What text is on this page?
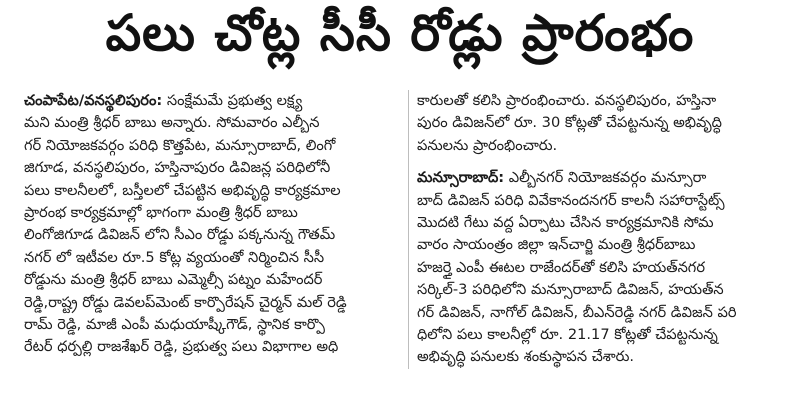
పలు చోట్ల సీసీ రోడ్లు ప్రారంభం
చంపాపేట/వనస్థలిపురం: సంక్షేమమే ప్రభుత్వ లక్ష్య
మని మంత్రి శ్రీధర్ బాబు అన్నారు. సోమవారం ఎల్బీన
గర్ నియోజకవర్గం పరిధి కొత్తపేట, మన్సూరాబాద్, లింగో
జిగూడ, వనస్థలిపురం, హస్తినాపురం డివిజన్ల పరిధిలోనీ
పలు కాలనీలలో, బస్తీలలో చేపట్టిన అభివృద్ధి కార్యక్రమాల
ప్రారంభ కార్యక్రమాల్లో భాగంగా మంత్రి శ్రీధర్ బాబు
లింగోజిగూడ డివిజన్ లోని సీఎం రోడ్డు పక్కనున్న గౌతమ్
నగర్ లో ఇటీవల రూ.5 కోట్ల వ్యయంతో నిర్మించిన సీసీ
రోడ్డును మంత్రి శ్రీధర్ బాబు ఎమ్మెల్సీ పట్నం మహేందర్
రెడ్డి,రాష్ట్ర రోడ్డు డెవలప్‌మెంట్ కార్పొరేషన్ చైర్మన్ మల్ రెడ్డి
రామ్ రెడ్డి, మాజీ ఎంపీ మధుయాష్కీగౌడ్, స్థానిక కార్పొ
రేటర్ ధర్పల్లి రాజశేఖర్ రెడ్డి, ప్రభుత్వ పలు విభాగాల అధి
కారులతో కలిసి ప్రారంభించారు. వనస్థలిపురం, హస్తినా
పురం డివిజన్‌లో రూ. 30 కోట్లతో చేపట్టనున్న అభివృద్ధి
పనులను ప్రారంభించారు.
మన్సూరాబాద్: ఎల్బీనగర్ నియోజకవర్గం మన్సూరా
బాద్ డివిజన్ పరిధి వివేకానందనగర్ కాలనీ సహారాస్టేట్స్
మొదటి గేటు వద్ద ఏర్పాటు చేసిన కార్యక్రమానికి సోమ
వారం సాయంత్రం జిల్లా ఇన్‌చార్జి మంత్రి శ్రీధర్‌బాబు
హజర్తై ఎంపీ ఈటల రాజేందర్‌తో కలిసి హయత్‌నగర
సర్కిల్-3 పరిధిలోని మన్సూరాబాద్ డివిజన్, హయత్‌న
గర్ డివిజన్, నాగోల్ డివిజన్, బీఎన్‌రెడ్డి నగర్ డివిజన్ పరి
ధిలోని పలు కాలనీల్లో రూ. 21.17 కోట్లతో చేపట్టనున్న
అభివృద్ధి పనులకు శంకుస్థాపన చేశారు.
